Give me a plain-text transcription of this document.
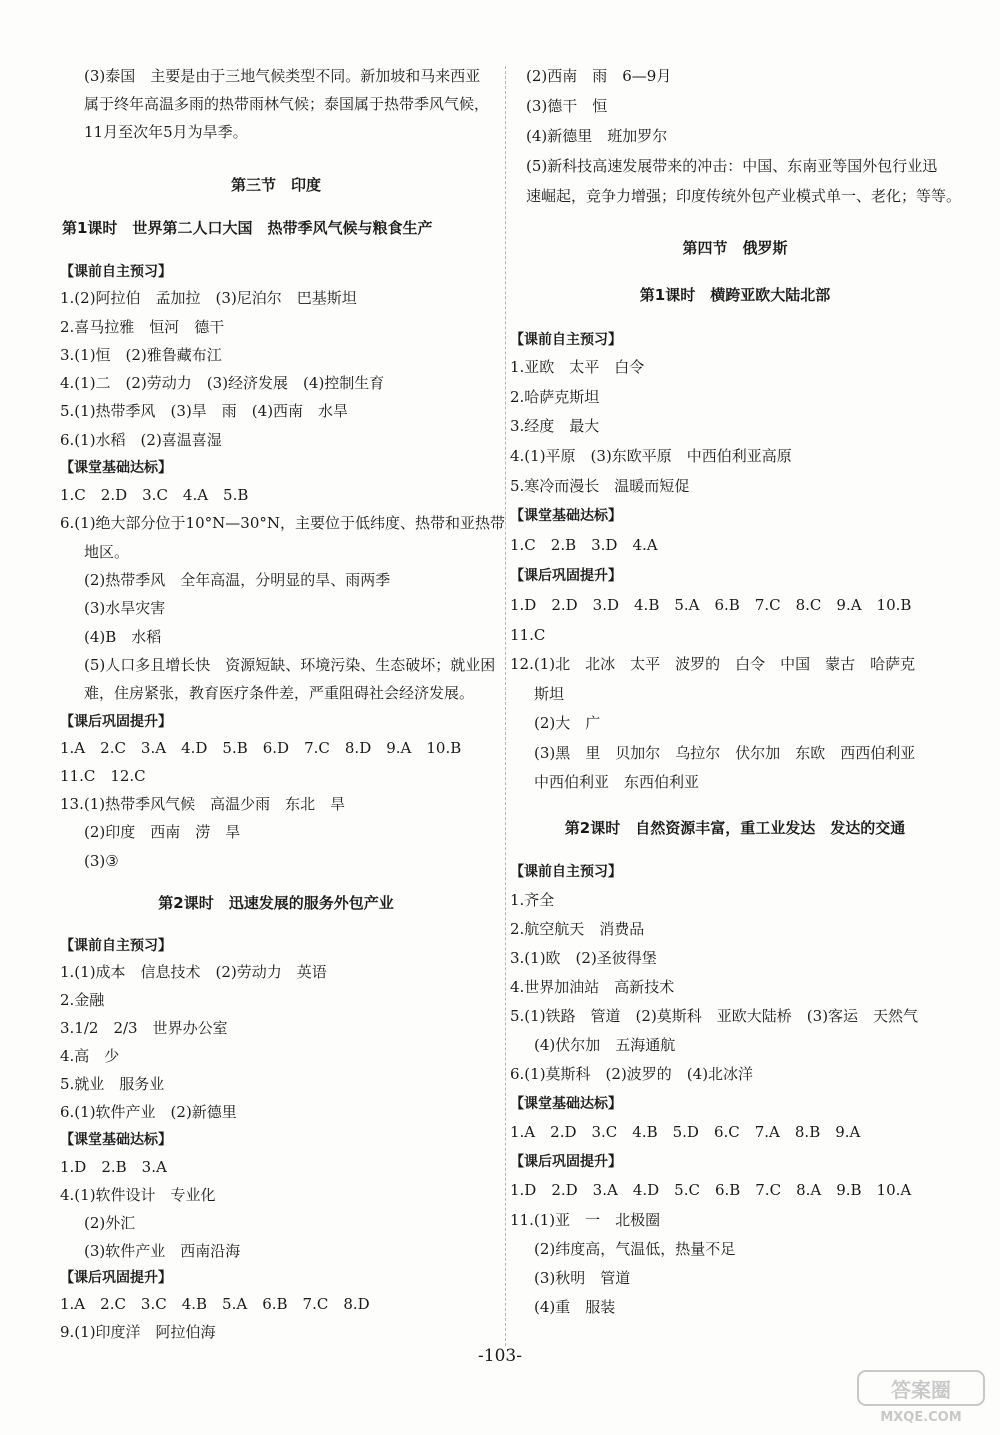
(3)泰国　主要是由于三地气候类型不同。新加坡和马来西亚
属于终年高温多雨的热带雨林气候；泰国属于热带季风气候，
11月至次年5月为旱季。
第三节　印度
第1课时　世界第二人口大国　热带季风气候与粮食生产
【课前自主预习】
1.(2)阿拉伯　孟加拉　(3)尼泊尔　巴基斯坦
2.喜马拉雅　恒河　德干
3.(1)恒　(2)雅鲁藏布江
4.(1)二　(2)劳动力　(3)经济发展　(4)控制生育
5.(1)热带季风　(3)旱　雨　(4)西南　水旱
6.(1)水稻　(2)喜温喜湿
【课堂基础达标】
1.C　2.D　3.C　4.A　5.B
6.(1)绝大部分位于10°N—30°N，主要位于低纬度、热带和亚热带
地区。
(2)热带季风　全年高温，分明显的旱、雨两季
(3)水旱灾害
(4)B　水稻
(5)人口多且增长快　资源短缺、环境污染、生态破坏；就业困
难，住房紧张，教育医疗条件差，严重阻碍社会经济发展。
【课后巩固提升】
1.A　2.C　3.A　4.D　5.B　6.D　7.C　8.D　9.A　10.B
11.C　12.C
13.(1)热带季风气候　高温少雨　东北　旱
(2)印度　西南　涝　旱
(3)③
第2课时　迅速发展的服务外包产业
【课前自主预习】
1.(1)成本　信息技术　(2)劳动力　英语
2.金融
3.1/2　2/3　世界办公室
4.高　少
5.就业　服务业
6.(1)软件产业　(2)新德里
【课堂基础达标】
1.D　2.B　3.A
4.(1)软件设计　专业化
(2)外汇
(3)软件产业　西南沿海
【课后巩固提升】
1.A　2.C　3.C　4.B　5.A　6.B　7.C　8.D
9.(1)印度洋　阿拉伯海
(2)西南　雨　6—9月
(3)德干　恒
(4)新德里　班加罗尔
(5)新科技高速发展带来的冲击：中国、东南亚等国外包行业迅
速崛起，竞争力增强；印度传统外包产业模式单一、老化；等等。
第四节　俄罗斯
第1课时　横跨亚欧大陆北部
【课前自主预习】
1.亚欧　太平　白令
2.哈萨克斯坦
3.经度　最大
4.(1)平原　(3)东欧平原　中西伯利亚高原
5.寒冷而漫长　温暖而短促
【课堂基础达标】
1.C　2.B　3.D　4.A
【课后巩固提升】
1.D　2.D　3.D　4.B　5.A　6.B　7.C　8.C　9.A　10.B
11.C
12.(1)北　北冰　太平　波罗的　白令　中国　蒙古　哈萨克
斯坦
(2)大　广
(3)黑　里　贝加尔　乌拉尔　伏尔加　东欧　西西伯利亚
中西伯利亚　东西伯利亚
第2课时　自然资源丰富，重工业发达　发达的交通
【课前自主预习】
1.齐全
2.航空航天　消费品
3.(1)欧　(2)圣彼得堡
4.世界加油站　高新技术
5.(1)铁路　管道　(2)莫斯科　亚欧大陆桥　(3)客运　天然气
(4)伏尔加　五海通航
6.(1)莫斯科　(2)波罗的　(4)北冰洋
【课堂基础达标】
1.A　2.D　3.C　4.B　5.D　6.C　7.A　8.B　9.A
【课后巩固提升】
1.D　2.D　3.A　4.D　5.C　6.B　7.C　8.A　9.B　10.A
11.(1)亚　一　北极圈
(2)纬度高，气温低，热量不足
(3)秋明　管道
(4)重　服装
-103-
答案圈
MXQE.COM
